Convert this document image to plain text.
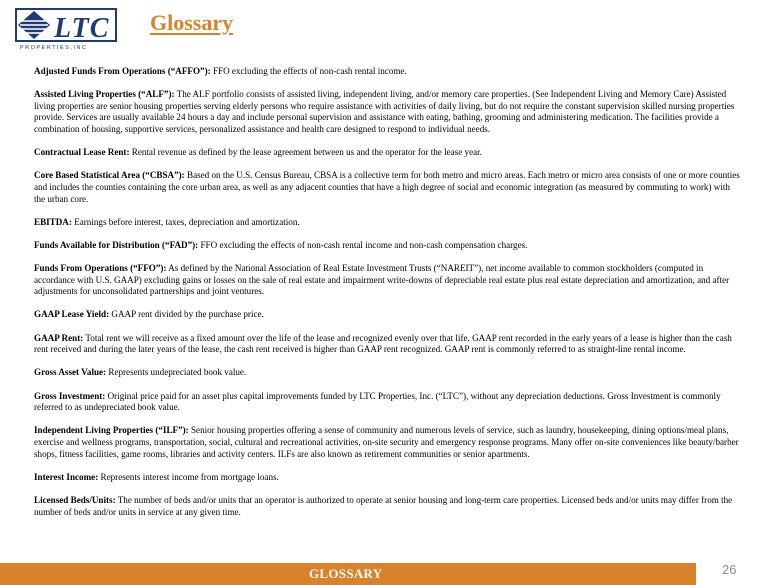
LTC
P R O P E R T I E S , I N C
Glossary

Adjusted Funds From Operations (“AFFO”): FFO excluding the effects of non-cash rental income.

Assisted Living Properties (“ALF”): The ALF portfolio consists of assisted living, independent living, and/or memory care properties. (See Independent Living and Memory Care) Assisted living properties are senior housing properties serving elderly persons who require assistance with activities of daily living, but do not require the constant supervision skilled nursing properties provide. Services are usually available 24 hours a day and include personal supervision and assistance with eating, bathing, grooming and administering medication. The facilities provide a combination of housing, supportive services, personalized assistance and health care designed to respond to individual needs.

Contractual Lease Rent: Rental revenue as defined by the lease agreement between us and the operator for the lease year.

Core Based Statistical Area (“CBSA”): Based on the U.S. Census Bureau, CBSA is a collective term for both metro and micro areas. Each metro or micro area consists of one or more counties and includes the counties containing the core urban area, as well as any adjacent counties that have a high degree of social and economic integration (as measured by commuting to work) with the urban core.

EBITDA: Earnings before interest, taxes, depreciation and amortization.

Funds Available for Distribution (“FAD”): FFO excluding the effects of non-cash rental income and non-cash compensation charges.

Funds From Operations (“FFO”): As defined by the National Association of Real Estate Investment Trusts (“NAREIT”), net income available to common stockholders (computed in accordance with U.S. GAAP) excluding gains or losses on the sale of real estate and impairment write-downs of depreciable real estate plus real estate depreciation and amortization, and after adjustments for unconsolidated partnerships and joint ventures.

GAAP Lease Yield: GAAP rent divided by the purchase price.

GAAP Rent: Total rent we will receive as a fixed amount over the life of the lease and recognized evenly over that life. GAAP rent recorded in the early years of a lease is higher than the cash rent received and during the later years of the lease, the cash rent received is higher than GAAP rent recognized. GAAP rent is commonly referred to as straight-line rental income.

Gross Asset Value: Represents undepreciated book value.

Gross Investment: Original price paid for an asset plus capital improvements funded by LTC Properties, Inc. (“LTC”), without any depreciation deductions. Gross Investment is commonly referred to as undepreciated book value.

Independent Living Properties (“ILF”): Senior housing properties offering a sense of community and numerous levels of service, such as laundry, housekeeping, dining options/meal plans, exercise and wellness programs, transportation, social, cultural and recreational activities, on-site security and emergency response programs. Many offer on-site conveniences like beauty/barber shops, fitness facilities, game rooms, libraries and activity centers. ILFs are also known as retirement communities or senior apartments.

Interest Income: Represents interest income from mortgage loans.

Licensed Beds/Units: The number of beds and/or units that an operator is authorized to operate at senior housing and long-term care properties. Licensed beds and/or units may differ from the number of beds and/or units in service at any given time.

GLOSSARY	26
